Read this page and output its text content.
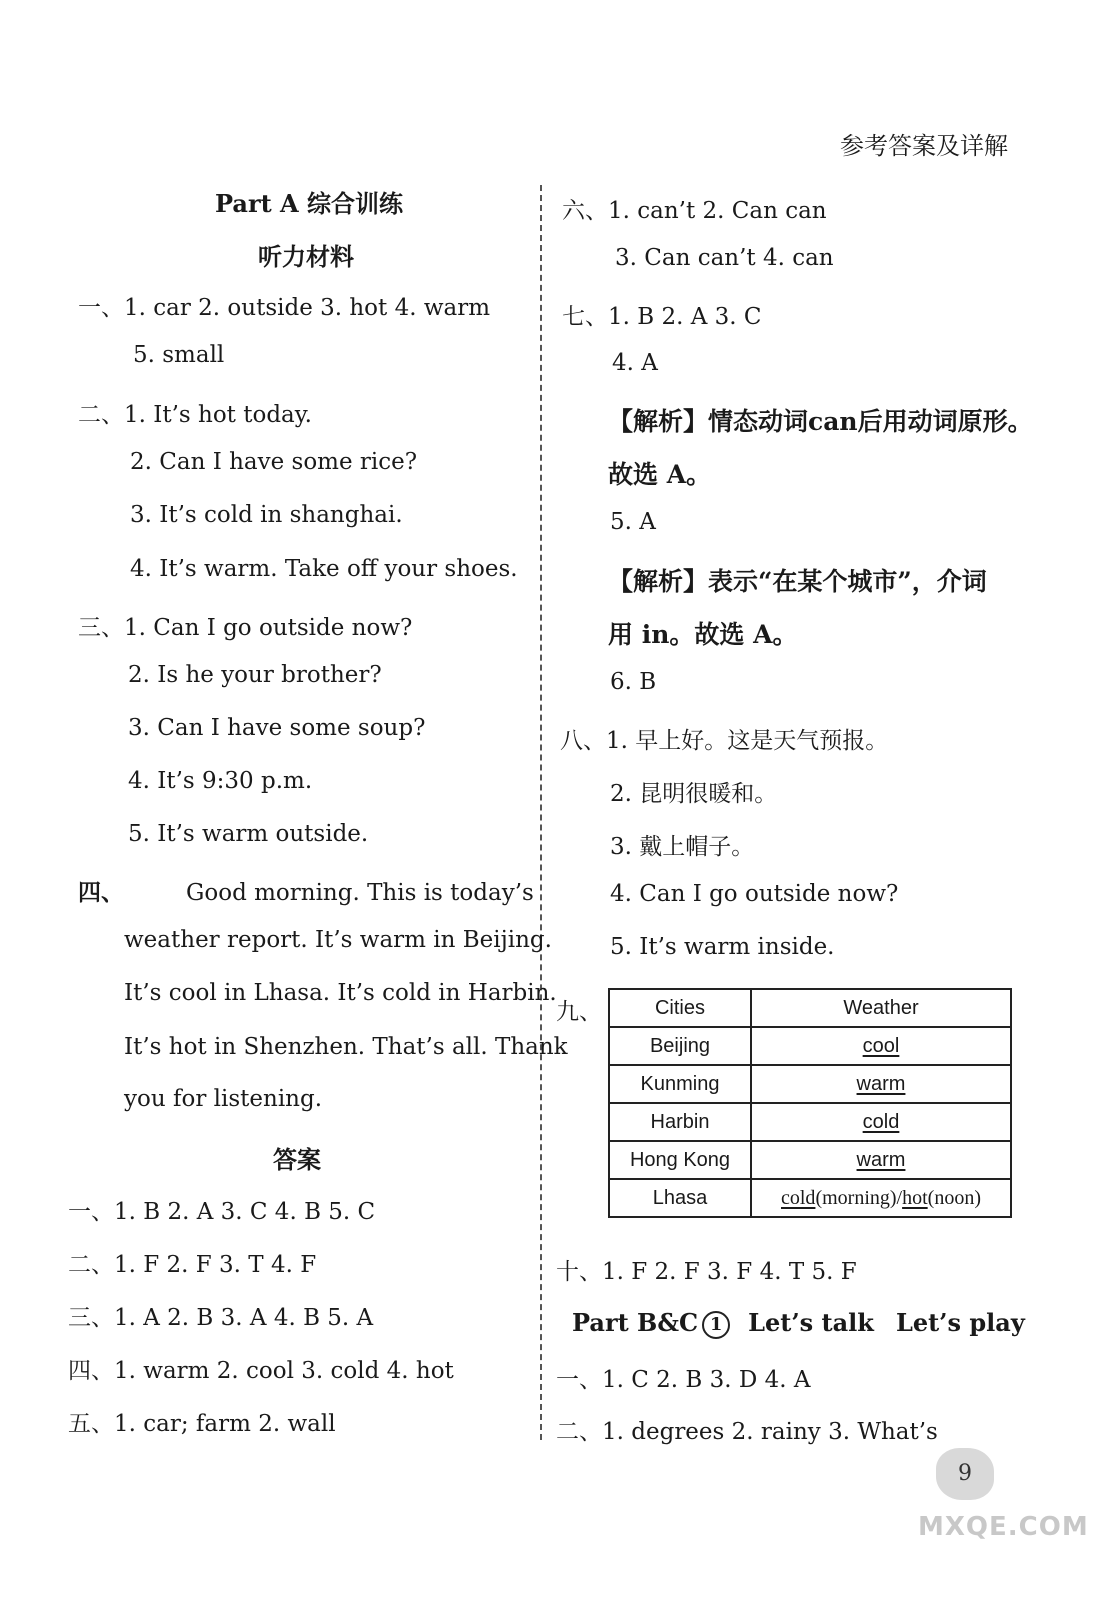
参考答案及详解
Part A 综合训练
听力材料
一、1. car 2. outside 3. hot 4. warm
5. small
二、1. It’s hot today.
2. Can I have some rice?
3. It’s cold in shanghai.
4. It’s warm. Take off your shoes.
三、1. Can I go outside now?
2. Is he your brother?
3. Can I have some soup?
4. It’s 9:30 p.m.
5. It’s warm outside.
四、	Good morning. This is today’s
weather report. It’s warm in Beijing.
It’s cool in Lhasa. It’s cold in Harbin.
It’s hot in Shenzhen. That’s all. Thank
you for listening.
答案
一、1. B 2. A 3. C 4. B 5. C
二、1. F 2. F 3. T 4. F
三、1. A 2. B 3. A 4. B 5. A
四、1. warm 2. cool 3. cold 4. hot
五、1. car; farm 2. wall
六、1. can’t 2. Can can
3. Can can’t 4. can
七、1. B 2. A 3. C
4. A
【解析】情态动词can后用动词原形。
故选 A。
5. A
【解析】表示“在某个城市”，介词
用 in。故选 A。
6. B
八、1. 早上好。这是天气预报。
2. 昆明很暖和。
3. 戴上帽子。
4. Can I go outside now?
5. It’s warm inside.
九、	Cities	Weather
Beijing	cool
Kunming	warm
Harbin	cold
Hong Kong	warm
Lhasa	cold(morning)/hot(noon)
十、1. F 2. F 3. F 4. T 5. F
Part B&C 1 Let’s talk Let’s play
一、1. C 2. B 3. D 4. A
二、1. degrees 2. rainy 3. What’s
9
MXQE.COM
